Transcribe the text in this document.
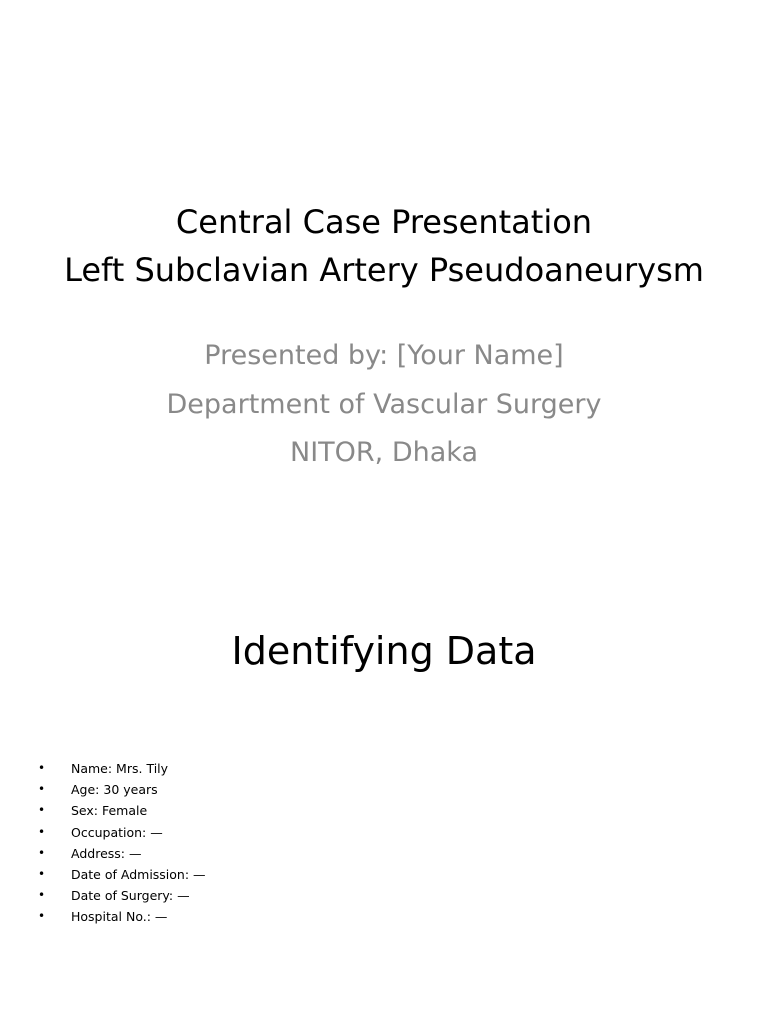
Central Case Presentation
Left Subclavian Artery Pseudoaneurysm
Presented by: [Your Name]
Department of Vascular Surgery
NITOR, Dhaka
Identifying Data
•	Name: Mrs. Tily
•	Age: 30 years
•	Sex: Female
•	Occupation: —
•	Address: —
•	Date of Admission: —
•	Date of Surgery: —
•	Hospital No.: —
